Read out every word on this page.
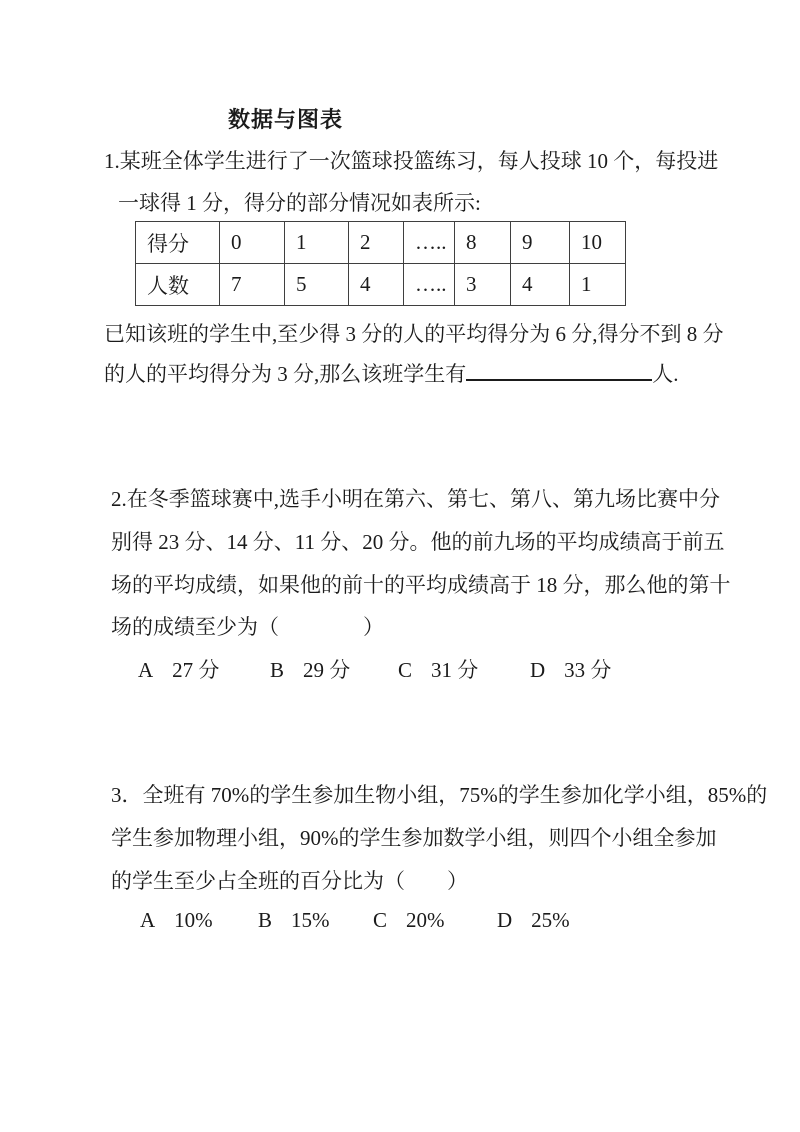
数据与图表
1.某班全体学生进行了一次篮球投篮练习，每人投球 10 个，每投进
一球得 1 分，得分的部分情况如表所示:
得分	0	1	2	…..	8	9	10
人数	7	5	4	…..	3	4	1
已知该班的学生中,至少得 3 分的人的平均得分为 6 分,得分不到 8 分
的人的平均得分为 3 分,那么该班学生有	人.
2.在冬季篮球赛中,选手小明在第六、第七、第八、第九场比赛中分
别得 23 分、14 分、11 分、20 分。他的前九场的平均成绩高于前五
场的平均成绩，如果他的前十的平均成绩高于 18 分，那么他的第十
场的成绩至少为（　　　　）
A 27 分 B 29 分 C 31 分 D 33 分
3．全班有 70%的学生参加生物小组，75%的学生参加化学小组，85%的
学生参加物理小组，90%的学生参加数学小组，则四个小组全参加
的学生至少占全班的百分比为（　　）
A 10% B 15% C 20% D 25%
